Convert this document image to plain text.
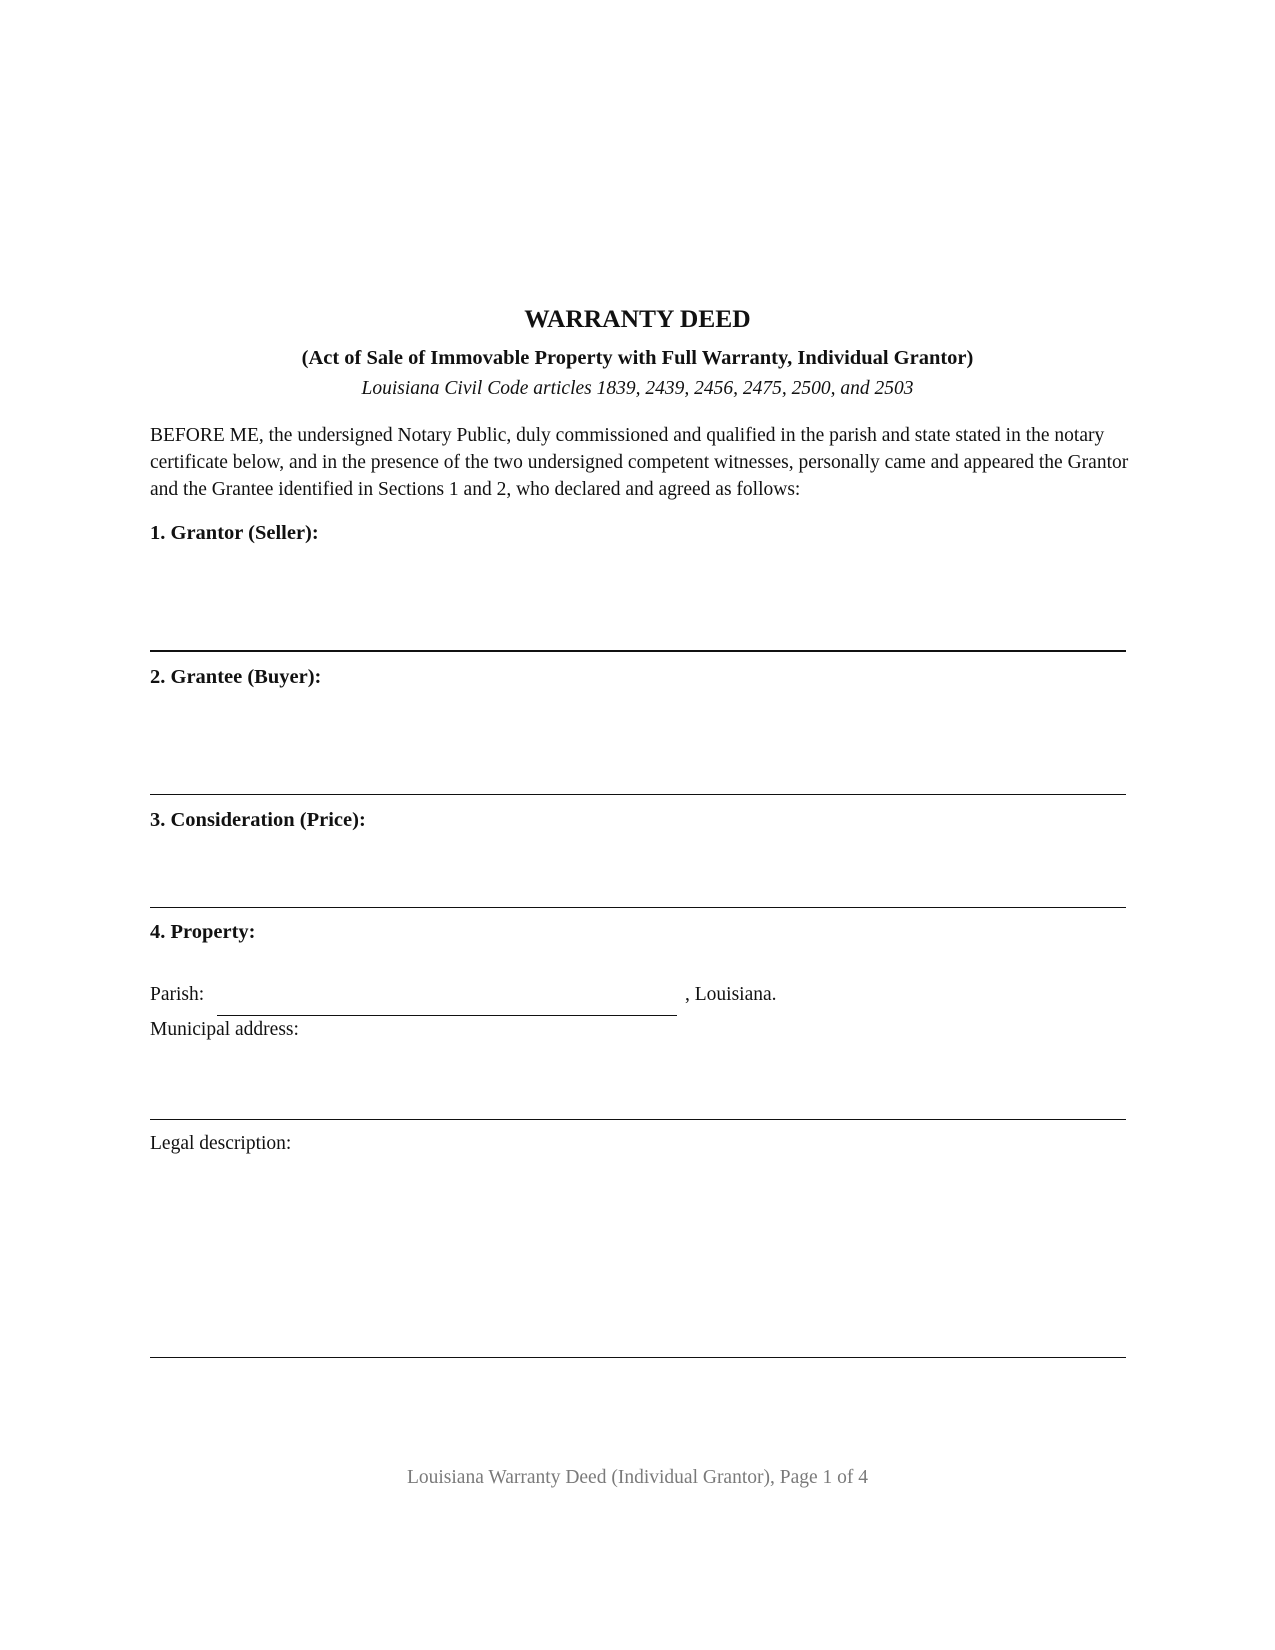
WARRANTY DEED
(Act of Sale of Immovable Property with Full Warranty, Individual Grantor)
Louisiana Civil Code articles 1839, 2439, 2456, 2475, 2500, and 2503

BEFORE ME, the undersigned Notary Public, duly commissioned and qualified in the parish and state stated in the notary certificate below, and in the presence of the two undersigned competent witnesses, personally came and appeared the Grantor and the Grantee identified in Sections 1 and 2, who declared and agreed as follows:

1. Grantor (Seller):
2. Grantee (Buyer):
3. Consideration (Price):
4. Property:
Parish:	, Louisiana.
Municipal address:
Legal description:
Louisiana Warranty Deed (Individual Grantor), Page 1 of 4
